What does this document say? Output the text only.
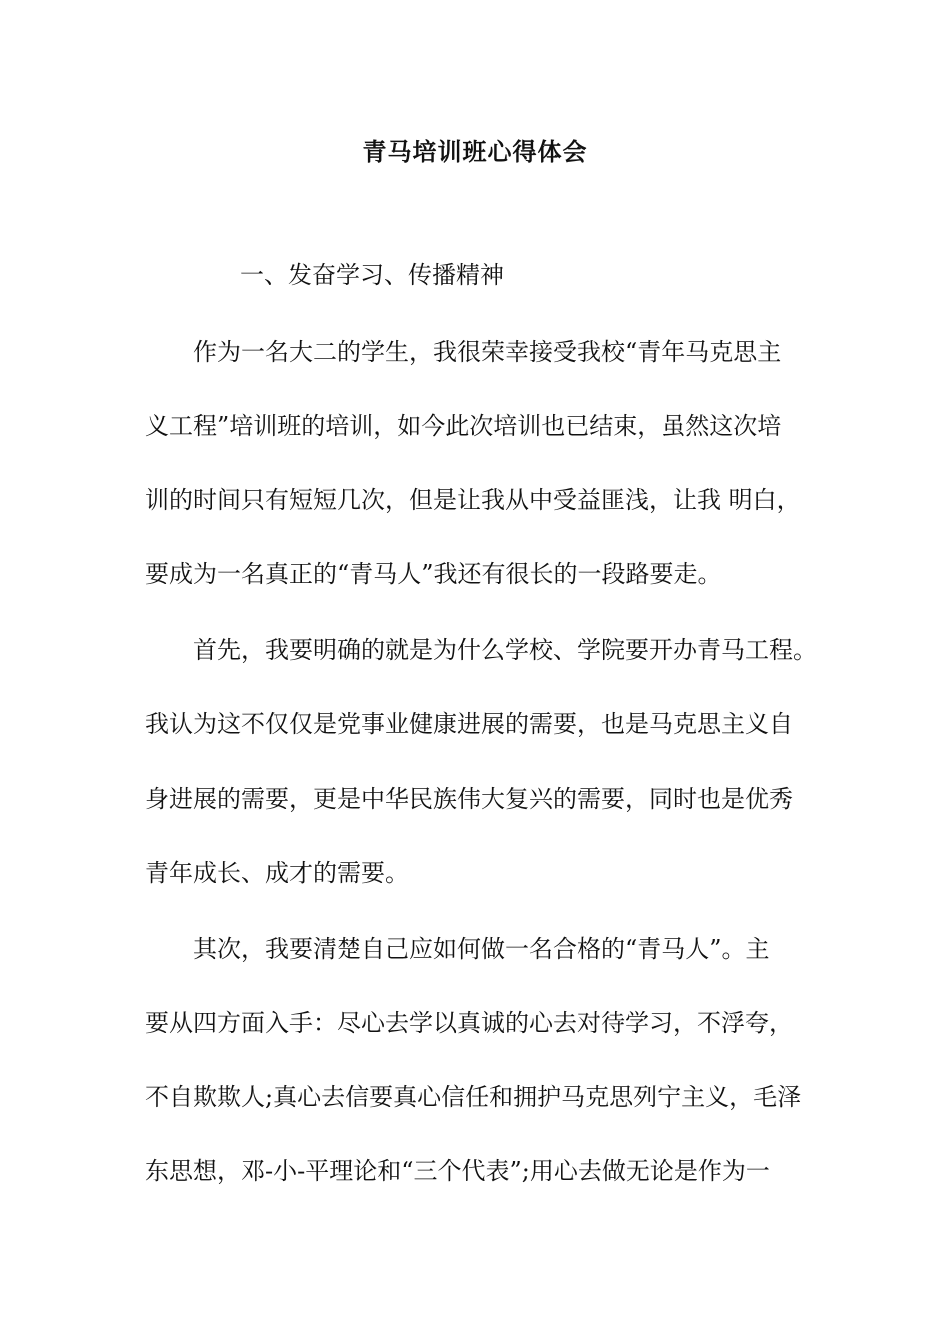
青马培训班心得体会

一、发奋学习、传播精神

作为一名大二的学生，我很荣幸接受我校“青年马克思主

义工程”培训班的培训，如今此次培训也已结束，虽然这次培

训的时间只有短短几次，但是让我从中受益匪浅，让我 明白，

要成为一名真正的“青马人”我还有很长的一段路要走。

首先，我要明确的就是为什么学校、学院要开办青马工程。

我认为这不仅仅是党事业健康进展的需要，也是马克思主义自

身进展的需要，更是中华民族伟大复兴的需要，同时也是优秀

青年成长、成才的需要。

其次，我要清楚自己应如何做一名合格的“青马人”。主

要从四方面入手：尽心去学以真诚的心去对待学习，不浮夸，

不自欺欺人;真心去信要真心信任和拥护马克思列宁主义，毛泽

东思想，邓-小-平理论和“三个代表”;用心去做无论是作为一
